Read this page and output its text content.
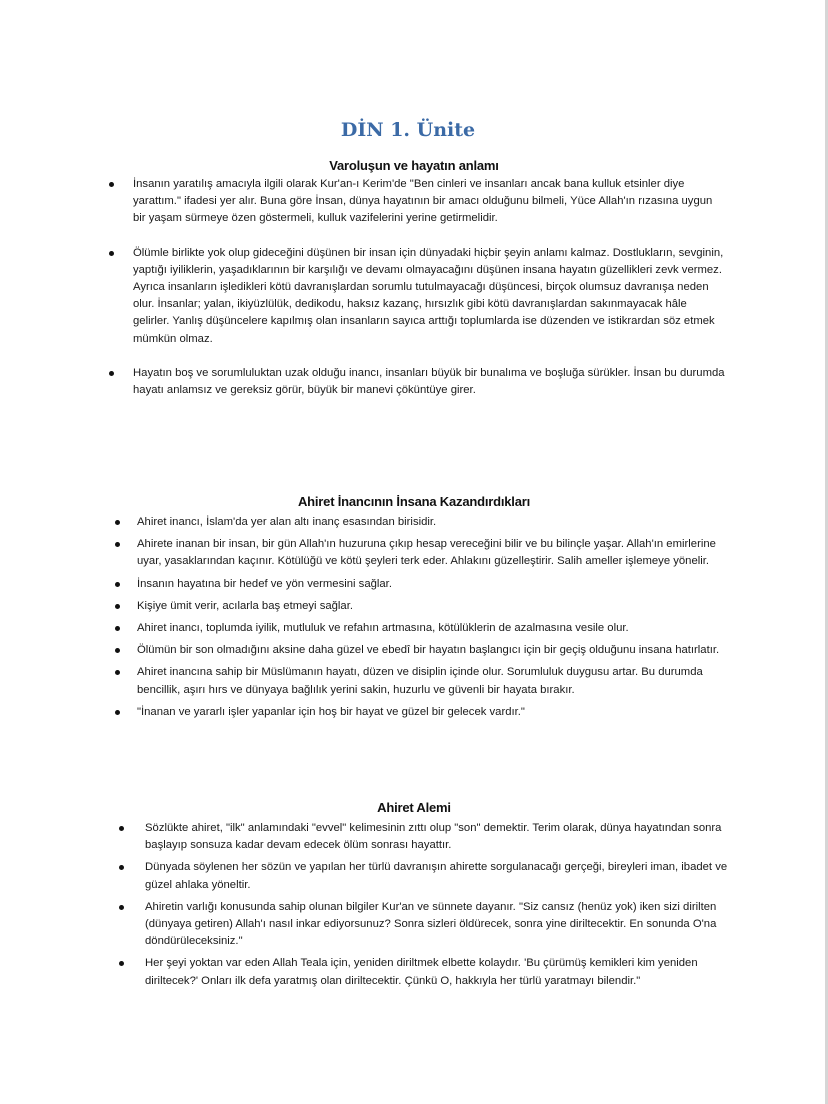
DİN 1. Ünite
Varoluşun ve hayatın anlamı
İnsanın yaratılış amacıyla ilgili olarak Kur'an-ı Kerim'de "Ben cinleri ve insanları ancak bana kulluk etsinler diye yarattım." ifadesi yer alır. Buna göre İnsan, dünya hayatının bir amacı olduğunu bilmeli, Yüce Allah'ın rızasına uygun bir yaşam sürmeye özen göstermeli, kulluk vazifelerini yerine getirmelidir.
Ölümle birlikte yok olup gideceğini düşünen bir insan için dünyadaki hiçbir şeyin anlamı kalmaz. Dostlukların, sevginin, yaptığı iyiliklerin, yaşadıklarının bir karşılığı ve devamı olmayacağını düşünen insana hayatın güzellikleri zevk vermez. Ayrıca insanların işledikleri kötü davranışlardan sorumlu tutulmayacağı düşüncesi, birçok olumsuz davranışa neden olur. İnsanlar; yalan, ikiyüzlülük, dedikodu, haksız kazanç, hırsızlık gibi kötü davranışlardan sakınmayacak hâle gelirler. Yanlış düşüncelere kapılmış olan insanların sayıca arttığı toplumlarda ise düzenden ve istikrardan söz etmek mümkün olmaz.
Hayatın boş ve sorumluluktan uzak olduğu inancı, insanları büyük bir bunalıma ve boşluğa sürükler. İnsan bu durumda hayatı anlamsız ve gereksiz görür, büyük bir manevi çöküntüye girer.
Ahiret İnancının İnsana Kazandırdıkları
Ahiret inancı, İslam'da yer alan altı inanç esasından birisidir.
Ahirete inanan bir insan, bir gün Allah'ın huzuruna çıkıp hesap vereceğini bilir ve bu bilinçle yaşar. Allah'ın emirlerine uyar, yasaklarından kaçınır. Kötülüğü ve kötü şeyleri terk eder. Ahlakını güzelleştirir. Salih ameller işlemeye yönelir.
İnsanın hayatına bir hedef ve yön vermesini sağlar.
Kişiye ümit verir, acılarla baş etmeyi sağlar.
Ahiret inancı, toplumda iyilik, mutluluk ve refahın artmasına, kötülüklerin de azalmasına vesile olur.
Ölümün bir son olmadığını aksine daha güzel ve ebedî bir hayatın başlangıcı için bir geçiş olduğunu insana hatırlatır.
Ahiret inancına sahip bir Müslümanın hayatı, düzen ve disiplin içinde olur. Sorumluluk duygusu artar. Bu durumda bencillik, aşırı hırs ve dünyaya bağlılık yerini sakin, huzurlu ve güvenli bir hayata bırakır.
"İnanan ve yararlı işler yapanlar için hoş bir hayat ve güzel bir gelecek vardır."
Ahiret Alemi
Sözlükte ahiret, "ilk" anlamındaki "evvel" kelimesinin zıttı olup "son" demektir. Terim olarak, dünya hayatından sonra başlayıp sonsuza kadar devam edecek ölüm sonrası hayattır.
Dünyada söylenen her sözün ve yapılan her türlü davranışın ahirette sorgulanacağı gerçeği, bireyleri iman, ibadet ve güzel ahlaka yöneltir.
Ahiretin varlığı konusunda sahip olunan bilgiler Kur'an ve sünnete dayanır. "Siz cansız (henüz yok) iken sizi dirilten (dünyaya getiren) Allah'ı nasıl inkar ediyorsunuz? Sonra sizleri öldürecek, sonra yine diriltecektir. En sonunda O'na döndürüleceksiniz."
Her şeyi yoktan var eden Allah Teala için, yeniden diriltmek elbette kolaydır. 'Bu çürümüş kemikleri kim yeniden diriltecek?' Onları ilk defa yaratmış olan diriltecektir. Çünkü O, hakkıyla her türlü yaratmayı bilendir."
